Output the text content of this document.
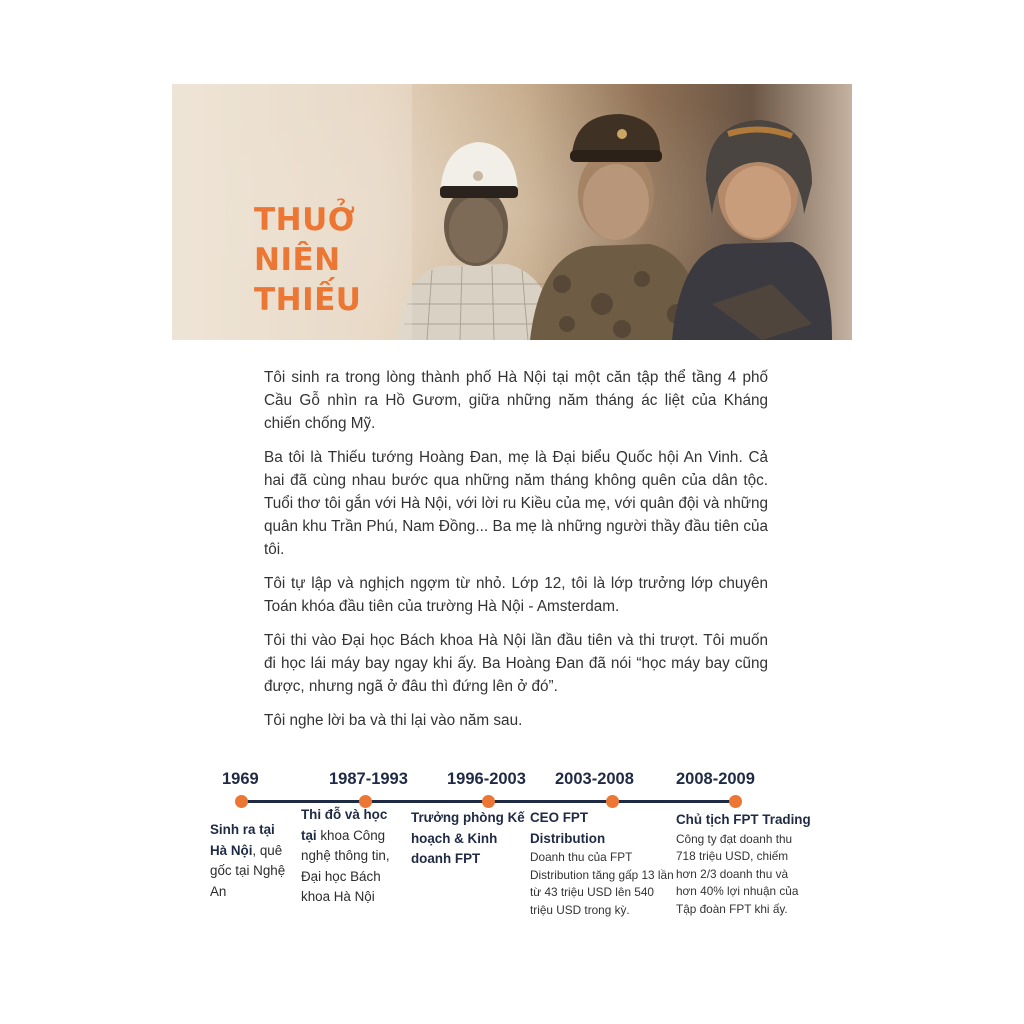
THUỞ
NIÊN
THIẾU

Tôi sinh ra trong lòng thành phố Hà Nội tại một căn tập thể tầng 4 phố Cầu Gỗ nhìn ra Hồ Gươm, giữa những năm tháng ác liệt của Kháng chiến chống Mỹ.

Ba tôi là Thiếu tướng Hoàng Đan, mẹ là Đại biểu Quốc hội An Vinh. Cả hai đã cùng nhau bước qua những năm tháng không quên của dân tộc. Tuổi thơ tôi gắn với Hà Nội, với lời ru Kiều của mẹ, với quân đội và những quân khu Trần Phú, Nam Đồng... Ba mẹ là những người thầy đầu tiên của tôi.

Tôi tự lập và nghịch ngợm từ nhỏ. Lớp 12, tôi là lớp trưởng lớp chuyên Toán khóa đầu tiên của trường Hà Nội - Amsterdam.

Tôi thi vào Đại học Bách khoa Hà Nội lần đầu tiên và thi trượt. Tôi muốn đi học lái máy bay ngay khi ấy. Ba Hoàng Đan đã nói “học máy bay cũng được, nhưng ngã ở đâu thì đứng lên ở đó”.

Tôi nghe lời ba và thi lại vào năm sau.

1969
Sinh ra tại Hà Nội, quê gốc tại Nghệ An
1987-1993
Thi đỗ và học tại khoa Công nghệ thông tin, Đại học Bách khoa Hà Nội
1996-2003
Trưởng phòng Kế hoạch & Kinh doanh FPT
2003-2008
CEO FPT Distribution
Doanh thu của FPT Distribution tăng gấp 13 lần từ 43 triệu USD lên 540 triệu USD trong kỳ.
2008-2009
Chủ tịch FPT Trading
Công ty đạt doanh thu 718 triệu USD, chiếm hơn 2/3 doanh thu và hơn 40% lợi nhuận của Tập đoàn FPT khi ấy.
